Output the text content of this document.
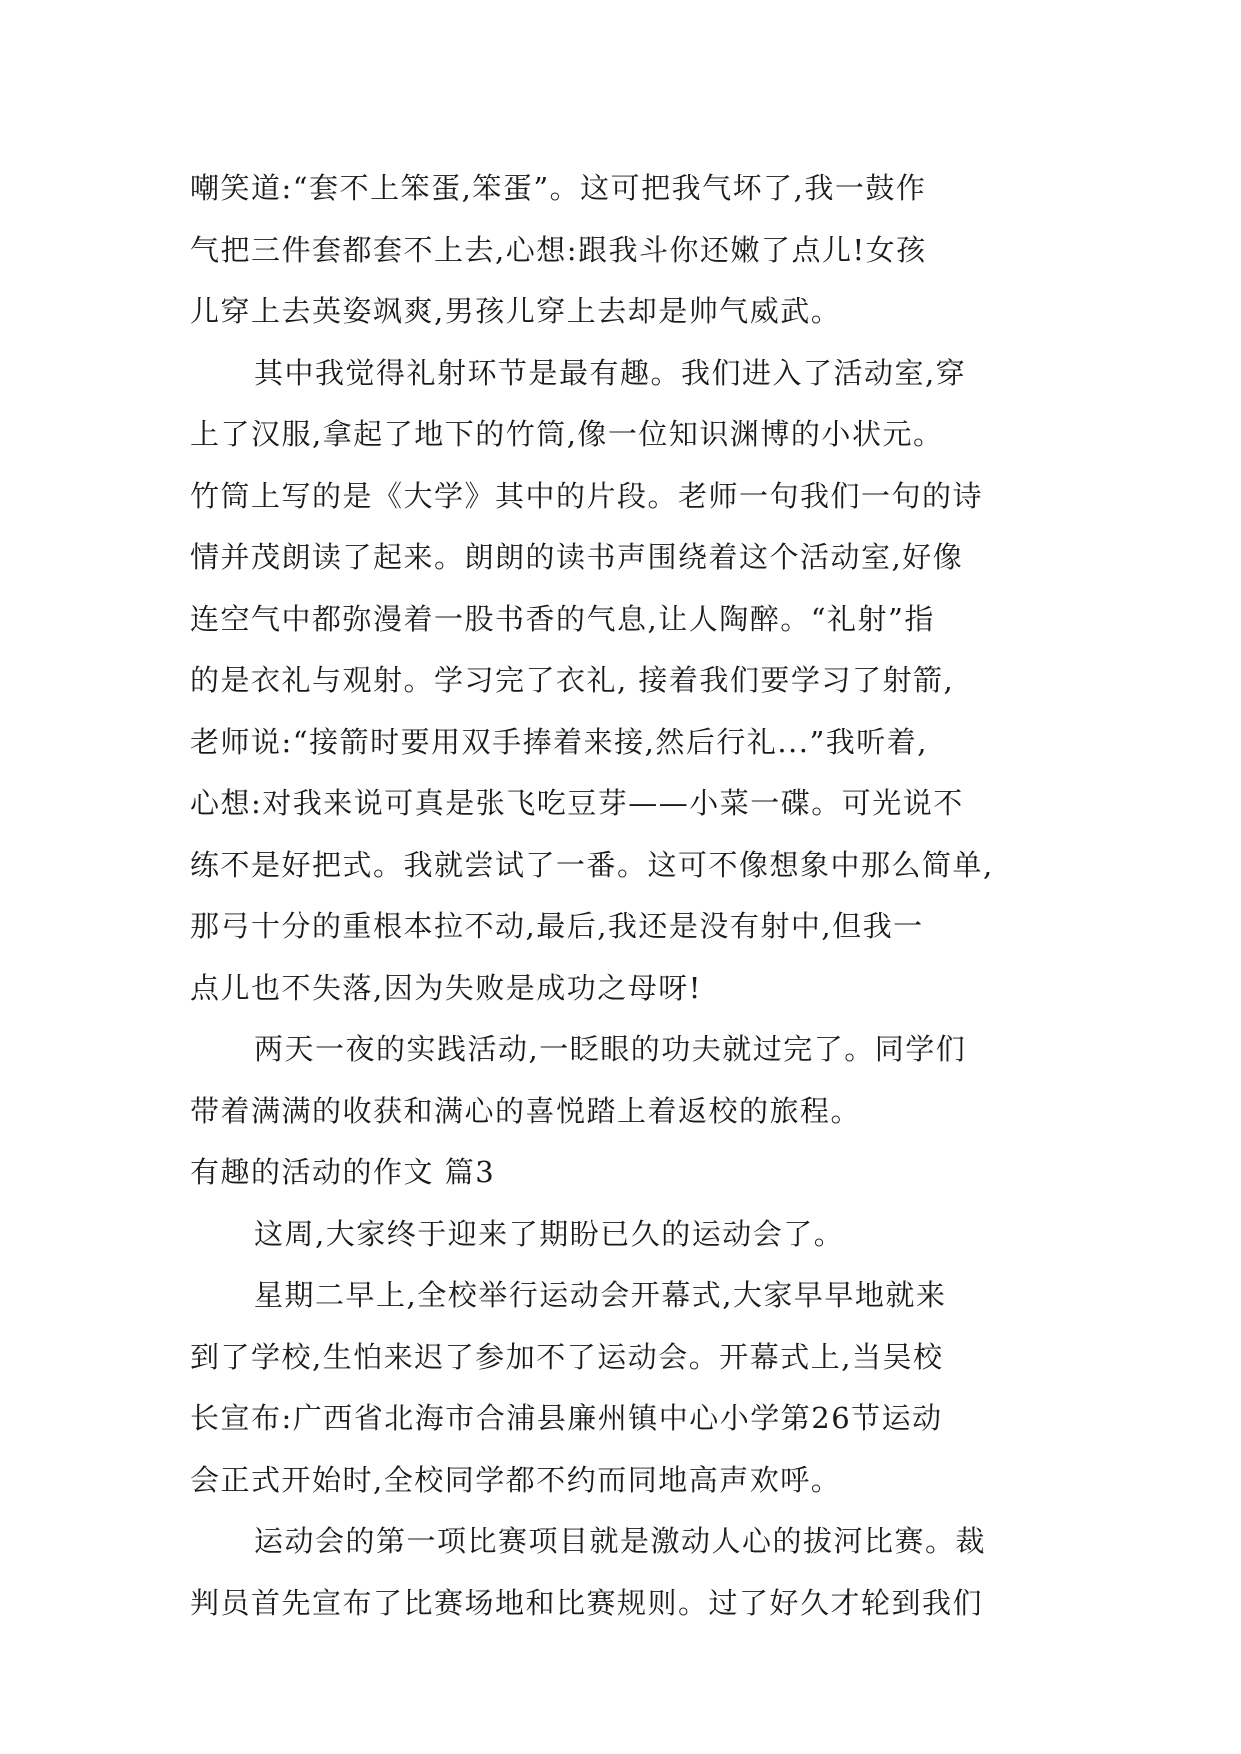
嘲笑道:“套不上笨蛋,笨蛋”。这可把我气坏了,我一鼓作
气把三件套都套不上去,心想:跟我斗你还嫩了点儿!女孩
儿穿上去英姿飒爽,男孩儿穿上去却是帅气威武。
其中我觉得礼射环节是最有趣。我们进入了活动室,穿
上了汉服,拿起了地下的竹筒,像一位知识渊博的小状元。
竹筒上写的是《大学》其中的片段。老师一句我们一句的诗
情并茂朗读了起来。朗朗的读书声围绕着这个活动室,好像
连空气中都弥漫着一股书香的气息,让人陶醉。“礼射”指
的是衣礼与观射。学习完了衣礼, 接着我们要学习了射箭,
老师说:“接箭时要用双手捧着来接,然后行礼...”我听着,
心想:对我来说可真是张飞吃豆芽——小菜一碟。可光说不
练不是好把式。我就尝试了一番。这可不像想象中那么简单,
那弓十分的重根本拉不动,最后,我还是没有射中,但我一
点儿也不失落,因为失败是成功之母呀!
两天一夜的实践活动,一眨眼的功夫就过完了。同学们
带着满满的收获和满心的喜悦踏上着返校的旅程。
有趣的活动的作文 篇3
这周,大家终于迎来了期盼已久的运动会了。
星期二早上,全校举行运动会开幕式,大家早早地就来
到了学校,生怕来迟了参加不了运动会。开幕式上,当吴校
长宣布:广西省北海市合浦县廉州镇中心小学第26节运动
会正式开始时,全校同学都不约而同地高声欢呼。
运动会的第一项比赛项目就是激动人心的拔河比赛。裁
判员首先宣布了比赛场地和比赛规则。过了好久才轮到我们
